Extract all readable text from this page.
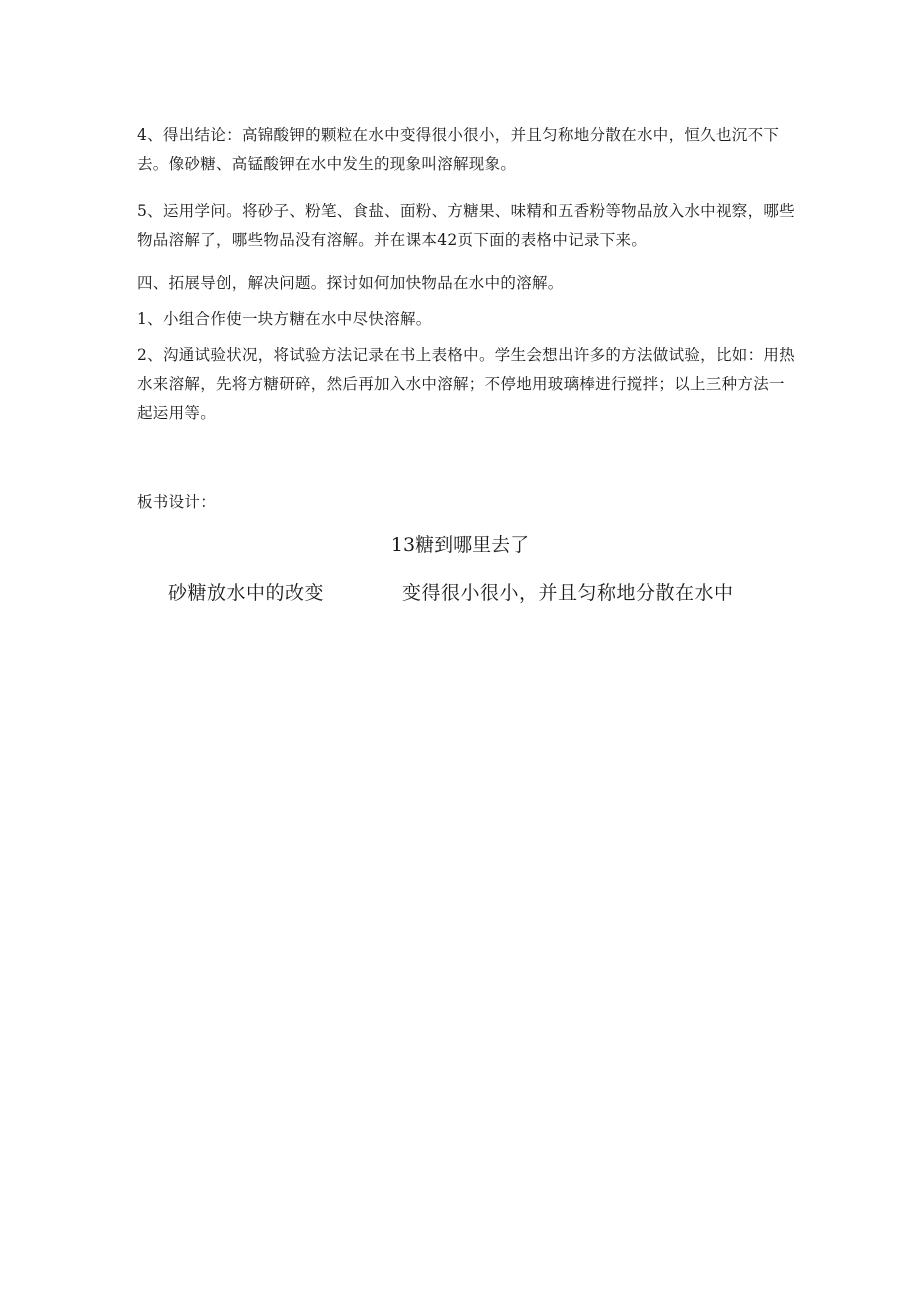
4、得出结论：高锦酸钾的颗粒在水中变得很小很小，并且匀称地分散在水中，恒久也沉不下去。像砂糖、高锰酸钾在水中发生的现象叫溶解现象。

5、运用学问。将砂子、粉笔、食盐、面粉、方糖果、味精和五香粉等物品放入水中视察，哪些物品溶解了，哪些物品没有溶解。并在课本42页下面的表格中记录下来。

四、拓展导创，解决问题。探讨如何加快物品在水中的溶解。

1、小组合作使一块方糖在水中尽快溶解。

2、沟通试验状况，将试验方法记录在书上表格中。学生会想出许多的方法做试验，比如：用热水来溶解，先将方糖研碎，然后再加入水中溶解；不停地用玻璃棒进行搅拌；以上三种方法一起运用等。

板书设计：

13糖到哪里去了

砂糖放水中的改变	变得很小很小，并且匀称地分散在水中
